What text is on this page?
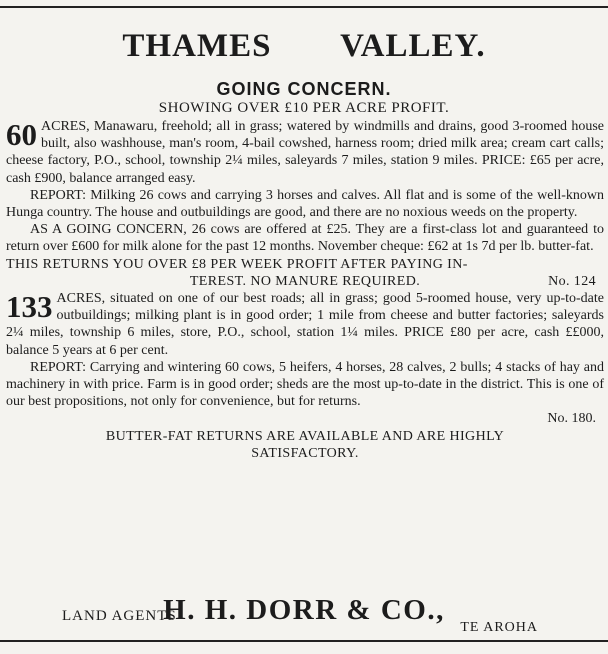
THAMES VALLEY.
GOING CONCERN.
SHOWING OVER £10 PER ACRE PROFIT.

60 ACRES, Manawaru, freehold; all in grass; watered by windmills and drains, good 3-roomed house built, also washhouse, man's room, 4-bail cowshed, harness room; dried milk area; cream cart calls; cheese factory, P.O., school, township 2¼ miles, saleyards 7 miles, station 9 miles. PRICE: £65 per acre, cash £900, balance arranged easy.

REPORT: Milking 26 cows and carrying 3 horses and calves. All flat and is some of the well-known Hunga country. The house and outbuildings are good, and there are no noxious weeds on the property.

AS A GOING CONCERN, 26 cows are offered at £25. They are a first-class lot and guaranteed to return over £600 for milk alone for the past 12 months. November cheque: £62 at 1s 7d per lb. butter-fat.

THIS RETURNS YOU OVER £8 PER WEEK PROFIT AFTER PAYING IN-

TEREST. NO MANURE REQUIRED.	No. 124

133 ACRES, situated on one of our best roads; all in grass; good 5-roomed house, very up-to-date outbuildings; milking plant is in good order; 1 mile from cheese and butter factories; saleyards 2¼ miles, township 6 miles, store, P.O., school, station 1¼ miles. PRICE £80 per acre, cash ££000, balance 5 years at 6 per cent.

REPORT: Carrying and wintering 60 cows, 5 heifers, 4 horses, 28 calves, 2 bulls; 4 stacks of hay and machinery in with price. Farm is in good order; sheds are the most up-to-date in the district. This is one of our best propositions, not only for convenience, but for returns.

No. 180.

BUTTER-FAT RETURNS ARE AVAILABLE AND ARE HIGHLY
SATISFACTORY.

H. H. DORR & CO.,
LAND AGENTS
TE AROHA
